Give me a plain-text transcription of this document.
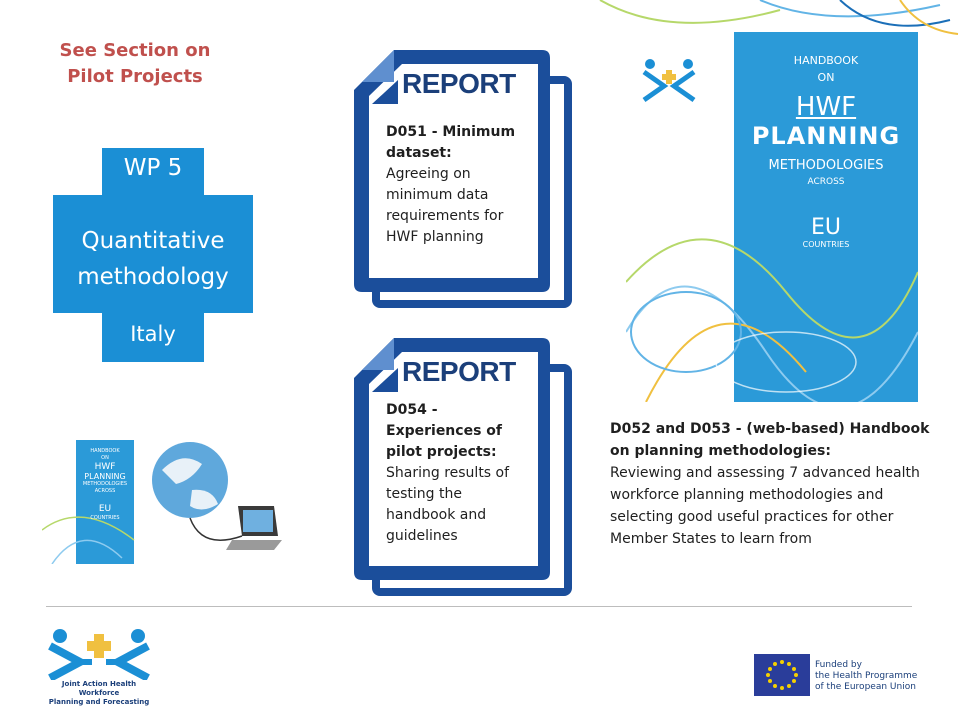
See Section on
Pilot Projects
WP 5
Quantitative
methodology
Italy
REPORT
D051 - Minimum dataset:
Agreeing on minimum data requirements for HWF planning
REPORT
D054 - Experiences of pilot projects:
Sharing results of testing the handbook and guidelines
HANDBOOK
ON
HWF
PLANNING
METHODOLOGIES
ACROSS
EU
COUNTRIES
D052 and D053 - (web-based) Handbook on planning methodologies:
Reviewing and assessing 7 advanced health workforce planning methodologies and selecting good useful practices for other Member States to learn from
HANDBOOK
ON
HWF
PLANNING
METHODOLOGIES
ACROSS
EU
COUNTRIES
Joint Action Health Workforce
Planning and Forecasting
Funded by
the Health Programme
of the European Union
